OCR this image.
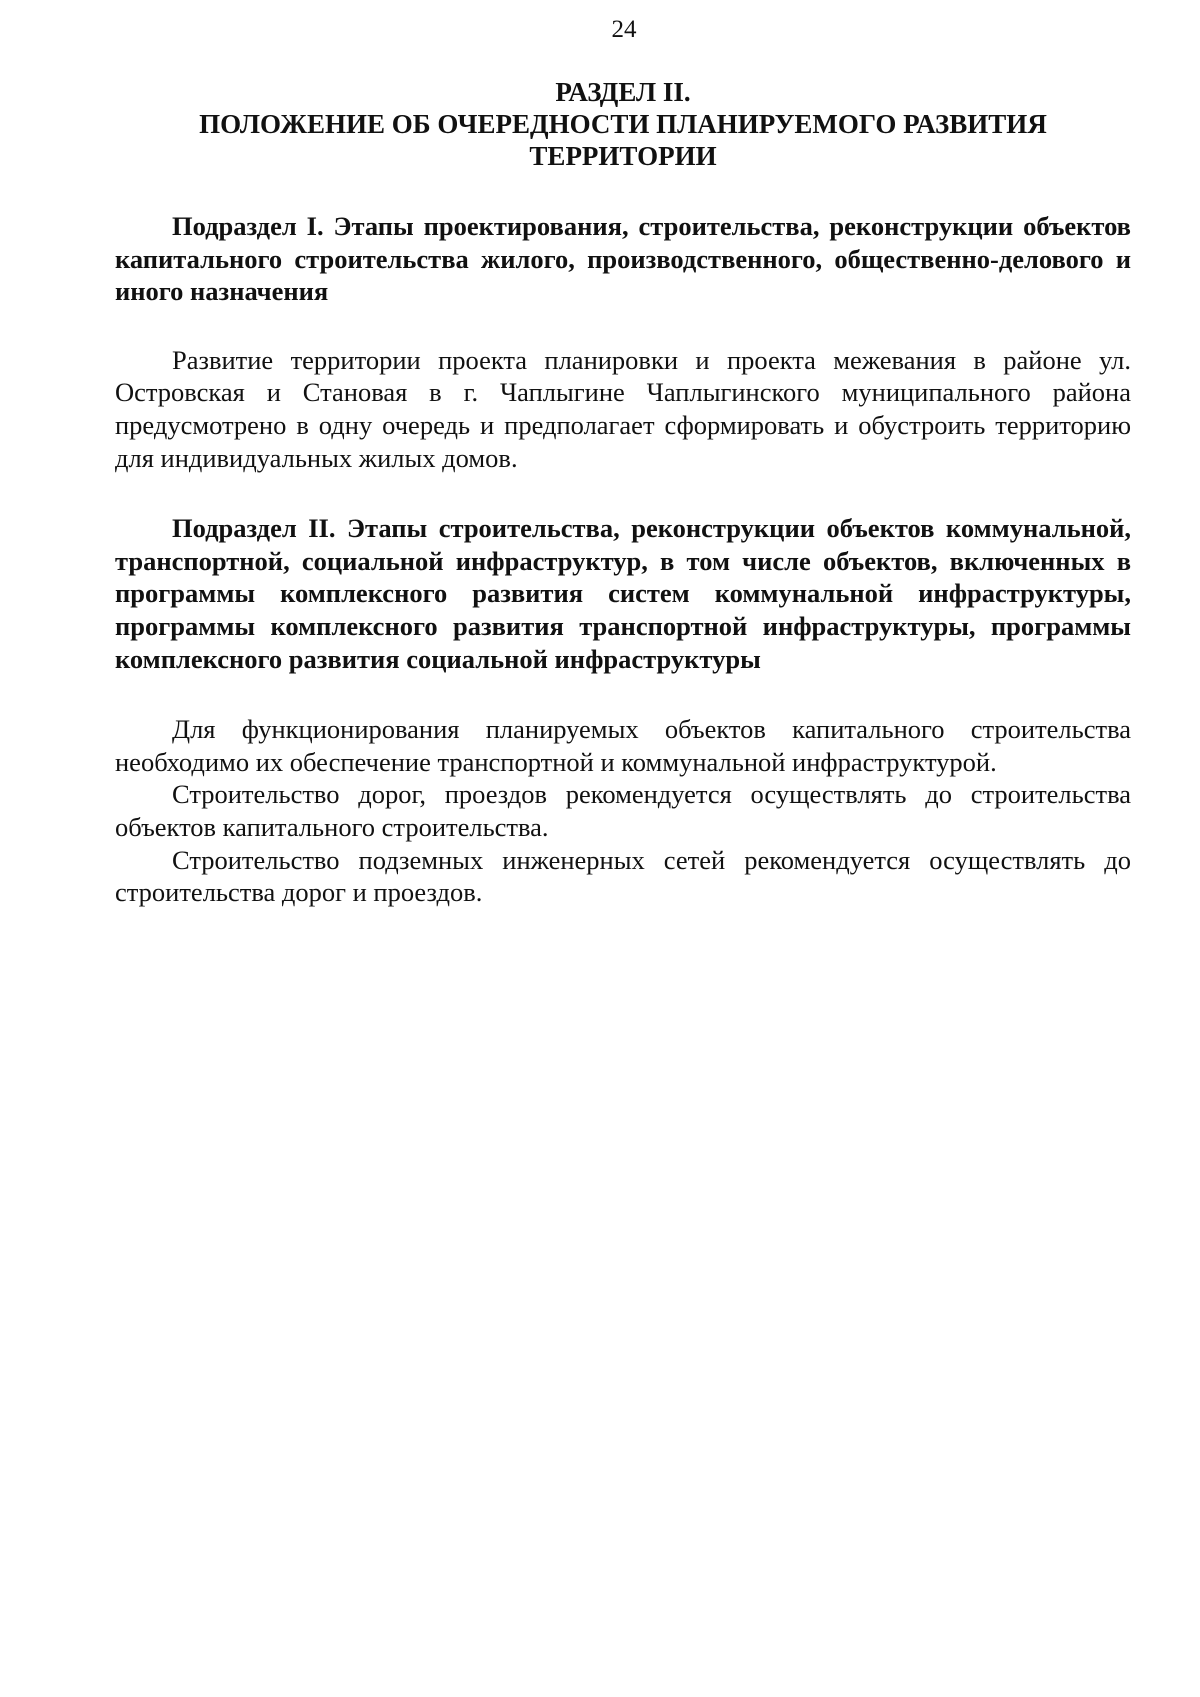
24
РАЗДЕЛ II.
ПОЛОЖЕНИЕ ОБ ОЧЕРЕДНОСТИ ПЛАНИРУЕМОГО РАЗВИТИЯ
ТЕРРИТОРИИ
Подраздел I. Этапы проектирования, строительства, реконструкции объектов капитального строительства жилого, производственного, общественно-делового и иного назначения

Развитие территории проекта планировки и проекта межевания в районе ул. Островская и Становая в г. Чаплыгине Чаплыгинского муниципального района предусмотрено в одну очередь и предполагает сформировать и обустроить территорию для индивидуальных жилых домов.

Подраздел II. Этапы строительства, реконструкции объектов коммунальной, транспортной, социальной инфраструктур, в том числе объектов, включенных в программы комплексного развития систем коммунальной инфраструктуры, программы комплексного развития транспортной инфраструктуры, программы комплексного развития социальной инфраструктуры

Для функционирования планируемых объектов капитального строительства необходимо их обеспечение транспортной и коммунальной инфраструктурой.

Строительство дорог, проездов рекомендуется осуществлять до строительства объектов капитального строительства.

Строительство подземных инженерных сетей рекомендуется осуществлять до строительства дорог и проездов.
